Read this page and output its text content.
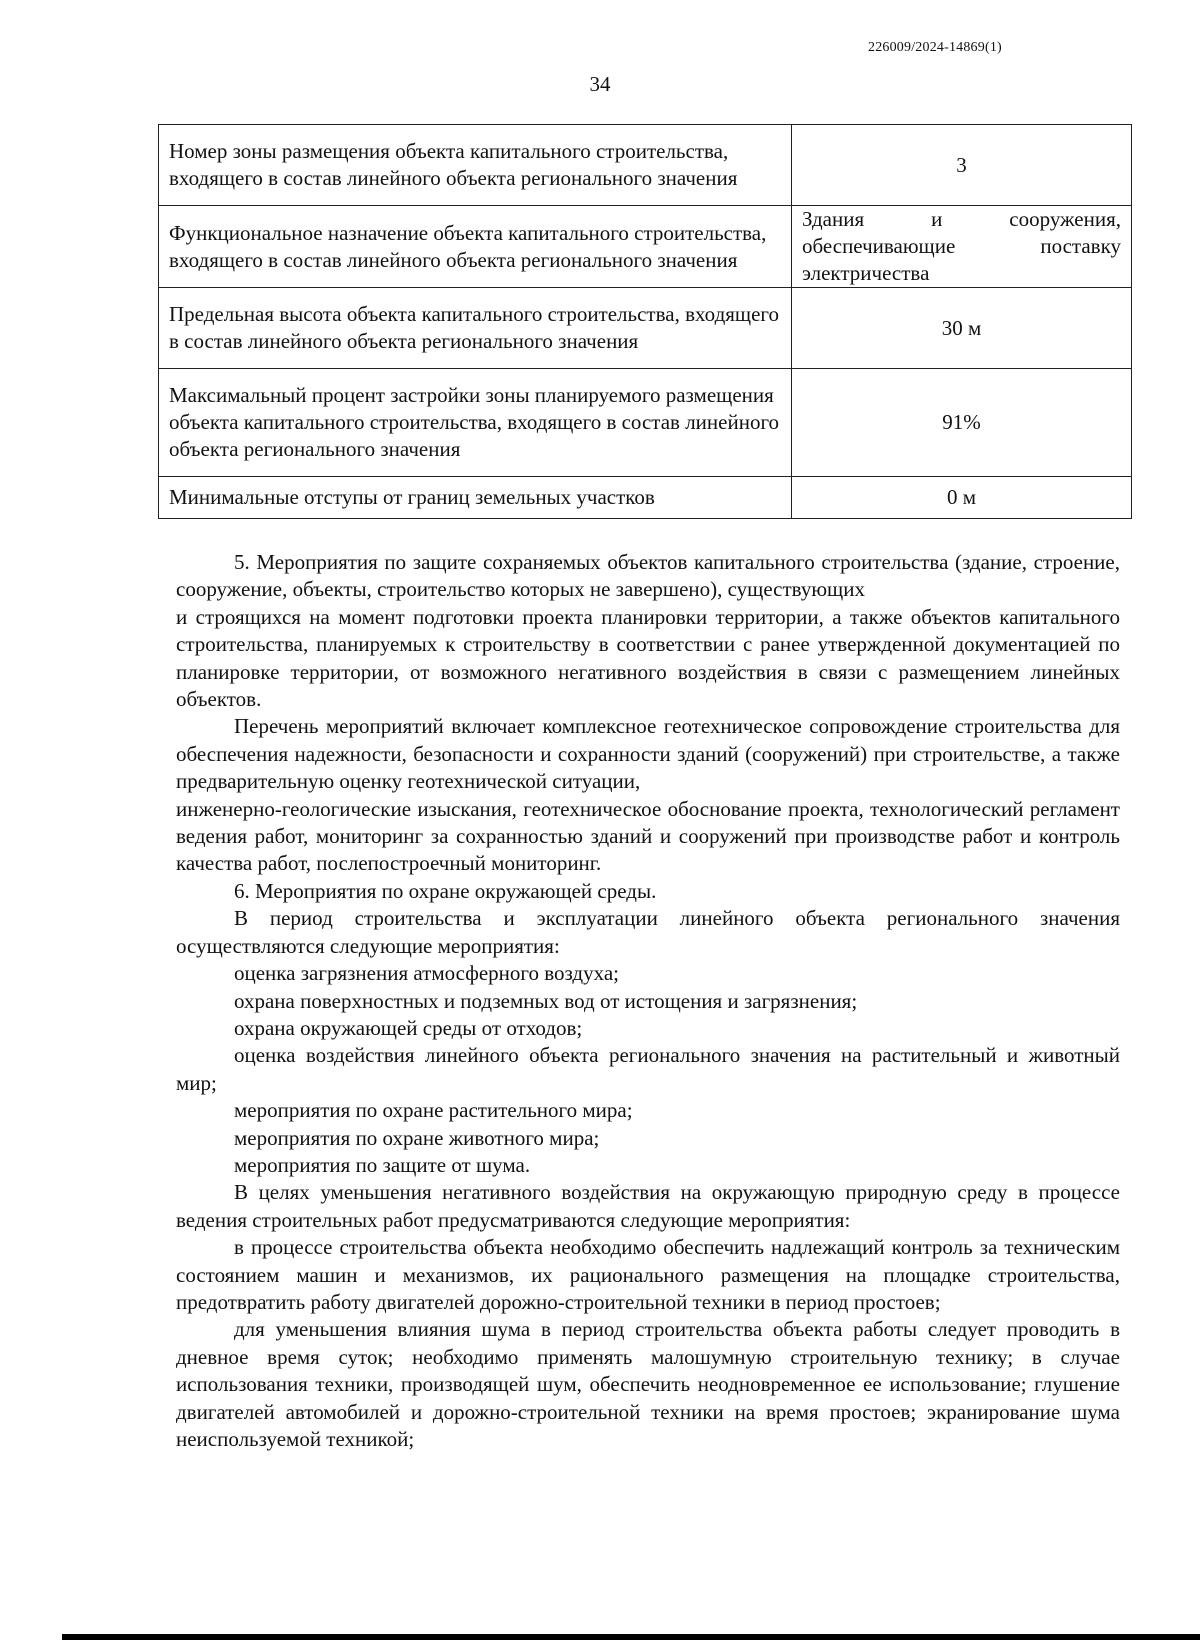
226009/2024-14869(1)
34
Номер зоны размещения объекта капитального строительства, входящего в состав линейного объекта регионального значения	3
Функциональное назначение объекта капитального строительства, входящего в состав линейного объекта регионального значения	Здания и сооружения, обеспечивающие поставку электричества
Предельная высота объекта капитального строительства, входящего в состав линейного объекта регионального значения	30 м
Максимальный процент застройки зоны планируемого размещения объекта капитального строительства, входящего в состав линейного объекта регионального значения	91%
Минимальные отступы от границ земельных участков	0 м

5. Мероприятия по защите сохраняемых объектов капитального строительства (здание, строение, сооружение, объекты, строительство которых не завершено), существующих

и строящихся на момент подготовки проекта планировки территории, а также объектов капитального строительства, планируемых к строительству в соответствии с ранее утвержденной документацией по планировке территории, от возможного негативного воздействия в связи с размещением линейных объектов.

Перечень мероприятий включает комплексное геотехническое сопровождение строительства для обеспечения надежности, безопасности и сохранности зданий (сооружений) при строительстве, а также предварительную оценку геотехнической ситуации,

инженерно-геологические изыскания, геотехническое обоснование проекта, технологический регламент ведения работ, мониторинг за сохранностью зданий и сооружений при производстве работ и контроль качества работ, послепостроечный мониторинг.

6. Мероприятия по охране окружающей среды.

В период строительства и эксплуатации линейного объекта регионального значения осуществляются следующие мероприятия:

оценка загрязнения атмосферного воздуха;

охрана поверхностных и подземных вод от истощения и загрязнения;

охрана окружающей среды от отходов;

оценка воздействия линейного объекта регионального значения на растительный и животный мир;

мероприятия по охране растительного мира;

мероприятия по охране животного мира;

мероприятия по защите от шума.

В целях уменьшения негативного воздействия на окружающую природную среду в процессе ведения строительных работ предусматриваются следующие мероприятия:

в процессе строительства объекта необходимо обеспечить надлежащий контроль за техническим состоянием машин и механизмов, их рационального размещения на площадке строительства, предотвратить работу двигателей дорожно-строительной техники в период простоев;

для уменьшения влияния шума в период строительства объекта работы следует проводить в дневное время суток; необходимо применять малошумную строительную технику; в случае использования техники, производящей шум, обеспечить неодновременное ее использование; глушение двигателей автомобилей и дорожно-строительной техники на время простоев; экранирование шума неиспользуемой техникой;
